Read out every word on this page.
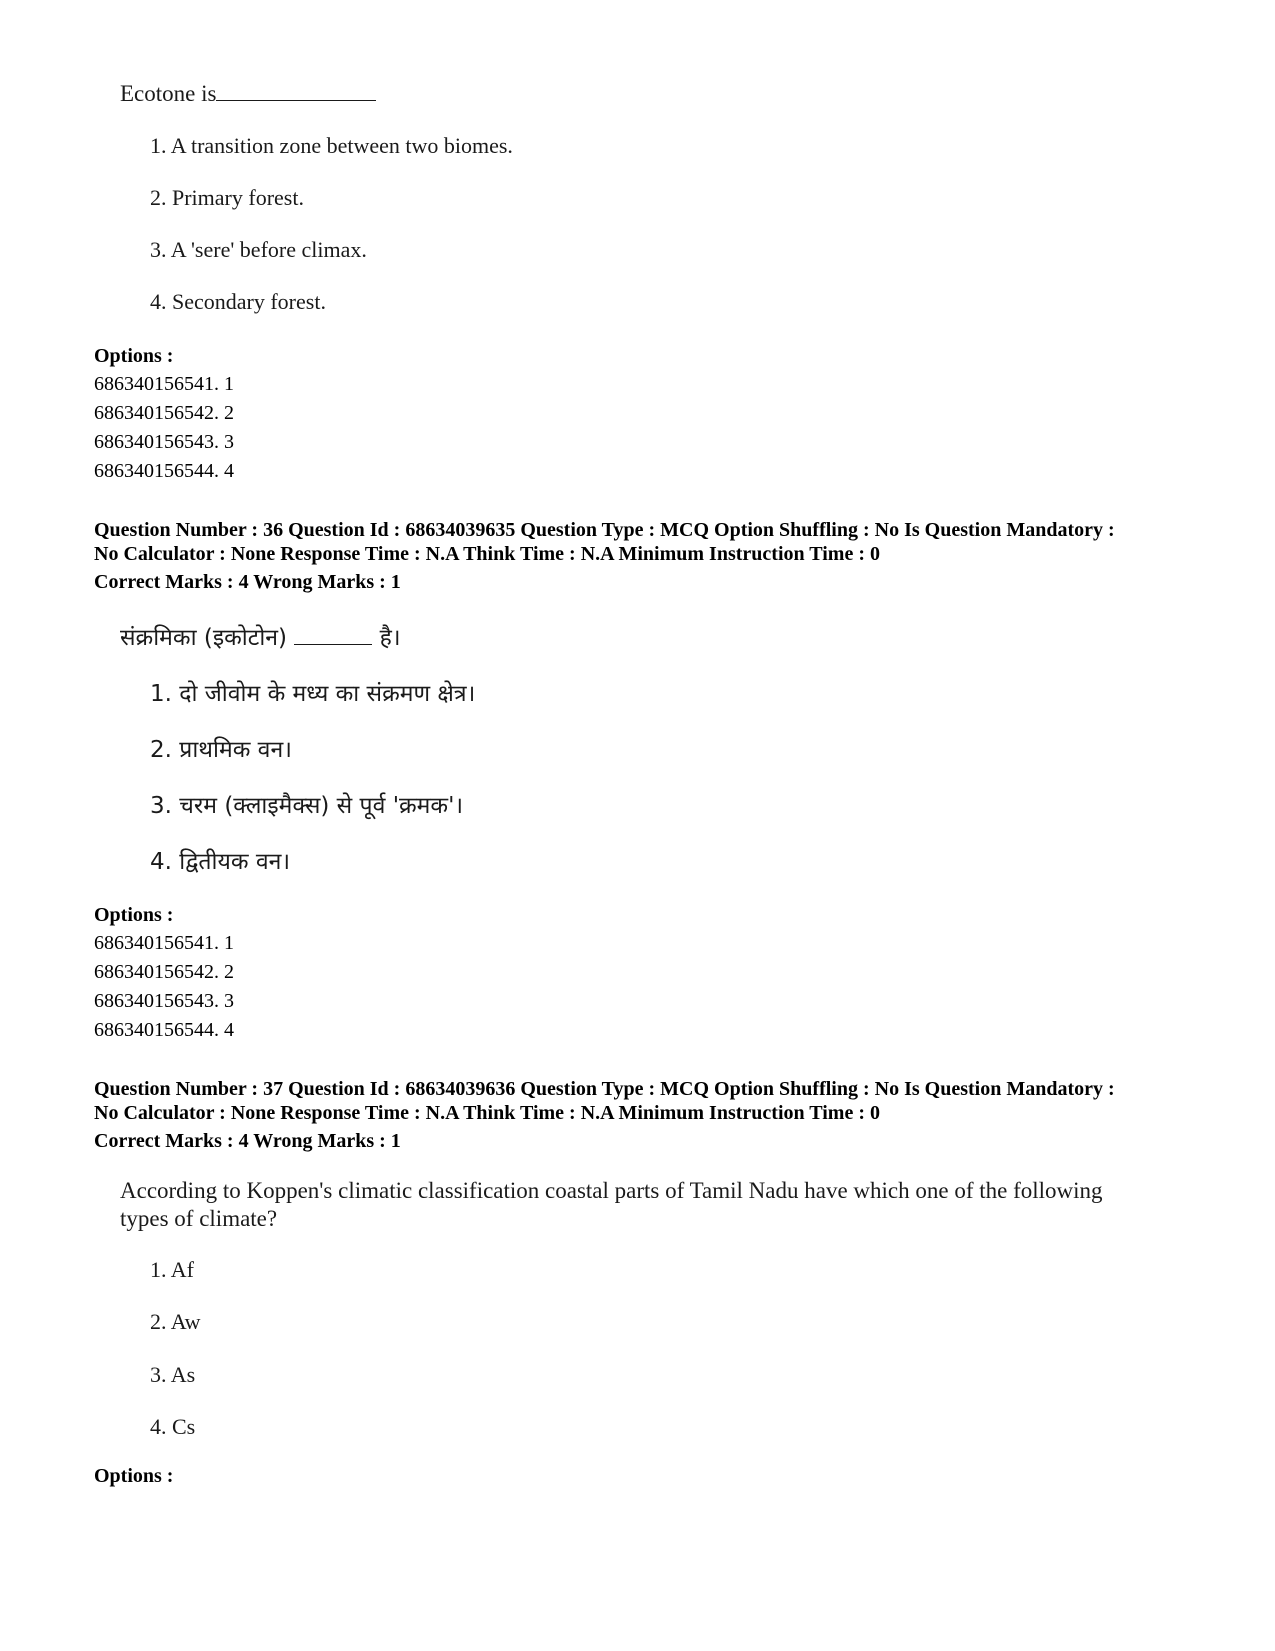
Ecotone is
1. A transition zone between two biomes.
2. Primary forest.
3. A 'sere' before climax.
4. Secondary forest.
Options :
686340156541. 1
686340156542. 2
686340156543. 3
686340156544. 4
Question Number : 36 Question Id : 68634039635 Question Type : MCQ Option Shuffling : No Is Question Mandatory :
No Calculator : None Response Time : N.A Think Time : N.A Minimum Instruction Time : 0
Correct Marks : 4 Wrong Marks : 1
संक्रमिका (इकोटोन)	है।
1. दो जीवोम के मध्य का संक्रमण क्षेत्र।
2. प्राथमिक वन।
3. चरम (क्लाइमैक्स) से पूर्व 'क्रमक'।
4. द्वितीयक वन।
Options :
686340156541. 1
686340156542. 2
686340156543. 3
686340156544. 4
Question Number : 37 Question Id : 68634039636 Question Type : MCQ Option Shuffling : No Is Question Mandatory :
No Calculator : None Response Time : N.A Think Time : N.A Minimum Instruction Time : 0
Correct Marks : 4 Wrong Marks : 1
According to Koppen's climatic classification coastal parts of Tamil Nadu have which one of the following
types of climate?
1. Af
2. Aw
3. As
4. Cs
Options :
